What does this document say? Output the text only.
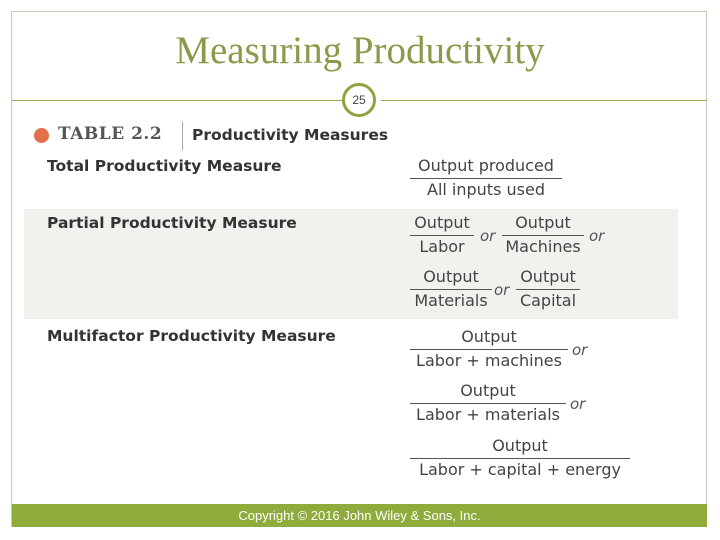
Measuring Productivity
25
TABLE 2.2 Productivity Measures
Total Productivity Measure	Output produced
All inputs used
Partial Productivity Measure	Output
Labor
or
Output
Machines
or
Output
Materials
or
Output
Capital
Multifactor Productivity Measure	Output
Labor + machines
or
Output
Labor + materials
or
Output
Labor + capital + energy
Copyright © 2016 John Wiley & Sons, Inc.
